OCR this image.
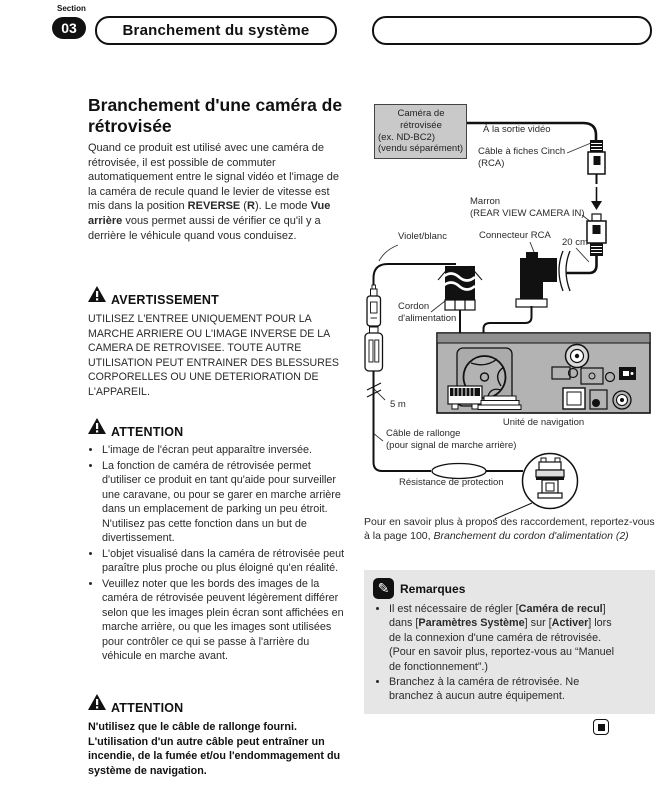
Section
03	Branchement du système
Branchement d'une caméra de rétrovisée
Quand ce produit est utilisé avec une caméra de rétrovisée, il est possible de commuter automatiquement entre le signal vidéo et l'image de la caméra de recule quand le levier de vitesse est mis dans la position REVERSE (R). Le mode Vue arrière vous permet aussi de vérifier ce qu'il y a derrière le véhicule quand vous conduisez.
AVERTISSEMENT
UTILISEZ L'ENTREE UNIQUEMENT POUR LA MARCHE ARRIERE OU L'IMAGE INVERSE DE LA CAMERA DE RETROVISEE. TOUTE AUTRE UTILISATION PEUT ENTRAINER DES BLESSURES CORPORELLES OU UNE DETERIORATION DE L'APPAREIL.
ATTENTION
• L'image de l'écran peut apparaître inversée.
• La fonction de caméra de rétrovisée permet d'utiliser ce produit en tant qu'aide pour surveiller une caravane, ou pour se garer en marche arrière dans un emplacement de parking un peu étroit. N'utilisez pas cette fonction dans un but de divertissement.
• L'objet visualisé dans la caméra de rétrovisée peut paraître plus proche ou plus éloigné qu'en réalité.
• Veuillez noter que les bords des images de la caméra de rétrovisée peuvent légèrement différer selon que les images plein écran sont affichées en marche arrière, ou que les images sont utilisées pour contrôler ce qui se passe à l'arrière du véhicule en marche avant.
ATTENTION
N'utilisez que le câble de rallonge fourni. L'utilisation d'un autre câble peut entraîner un incendie, de la fumée et/ou l'endommagement du système de navigation.
Caméra de
rétrovisée
(ex. ND-BC2)
(vendu séparément)
À la sortie vidéo
Câble à fiches Cinch
(RCA)
Marron
(REAR VIEW CAMERA IN)
Violet/blanc	Connecteur RCA
20 cm
Cordon
d'alimentation
5 m
Unité de navigation
Câble de rallonge
(pour signal de marche arrière)
Résistance de protection
Pour en savoir plus à propos des raccordement, reportez-vous à la page 100, Branchement du cordon d'alimentation (2)
✎ Remarques
• Il est nécessaire de régler [Caméra de recul] dans [Paramètres Système] sur [Activer] lors de la connexion d'une caméra de rétrovisée. (Pour en savoir plus, reportez-vous au “Manuel de fonctionnement”.)
• Branchez à la caméra de rétrovisée. Ne branchez à aucun autre équipement.
